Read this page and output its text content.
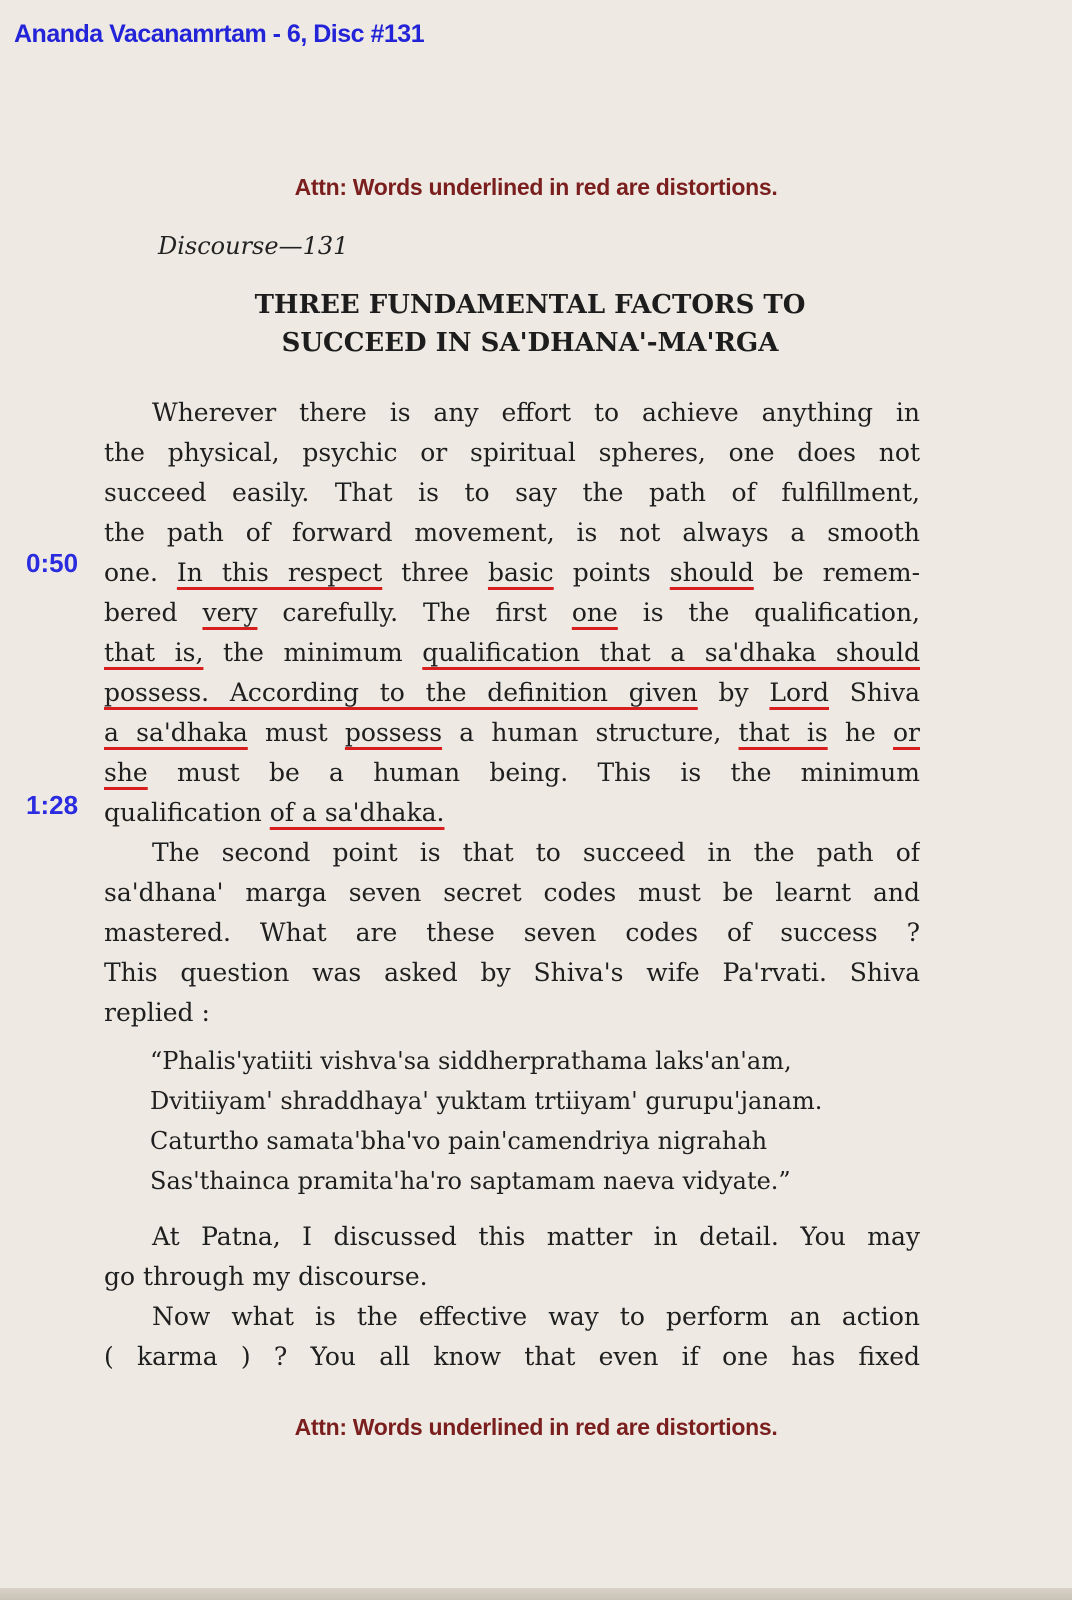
Ananda Vacanamrtam - 6, Disc #131
Attn: Words underlined in red are distortions.
Discourse—131
THREE FUNDAMENTAL FACTORS TO
SUCCEED IN SA'DHANA'-MA'RGA
Wherever there is any effort to achieve anything in
the physical, psychic or spiritual spheres, one does not
succeed easily. That is to say the path of fulfillment,
the path of forward movement, is not always a smooth
one. In this respect three basic points should be remem-
bered very carefully. The first one is the qualification,
that is, the minimum qualification that a sa'dhaka should
possess. According to the definition given by Lord Shiva
a sa'dhaka must possess a human structure, that is he or
she must be a human being. This is the minimum
qualification of a sa'dhaka.
0:50
1:28
The second point is that to succeed in the path of
sa'dhana' marga seven secret codes must be learnt and
mastered. What are these seven codes of success ?
This question was asked by Shiva's wife Pa'rvati. Shiva
replied :
“Phalis'yatiiti vishva'sa siddherprathama laks'an'am,
Dvitiiyam' shraddhaya' yuktam trtiiyam' gurupu'janam.
Caturtho samata'bha'vo pain'camendriya nigrahah
Sas'thainca pramita'ha'ro saptamam naeva vidyate.”
At Patna, I discussed this matter in detail. You may
go through my discourse.
Now what is the effective way to perform an action
( karma ) ? You all know that even if one has fixed
Attn: Words underlined in red are distortions.
